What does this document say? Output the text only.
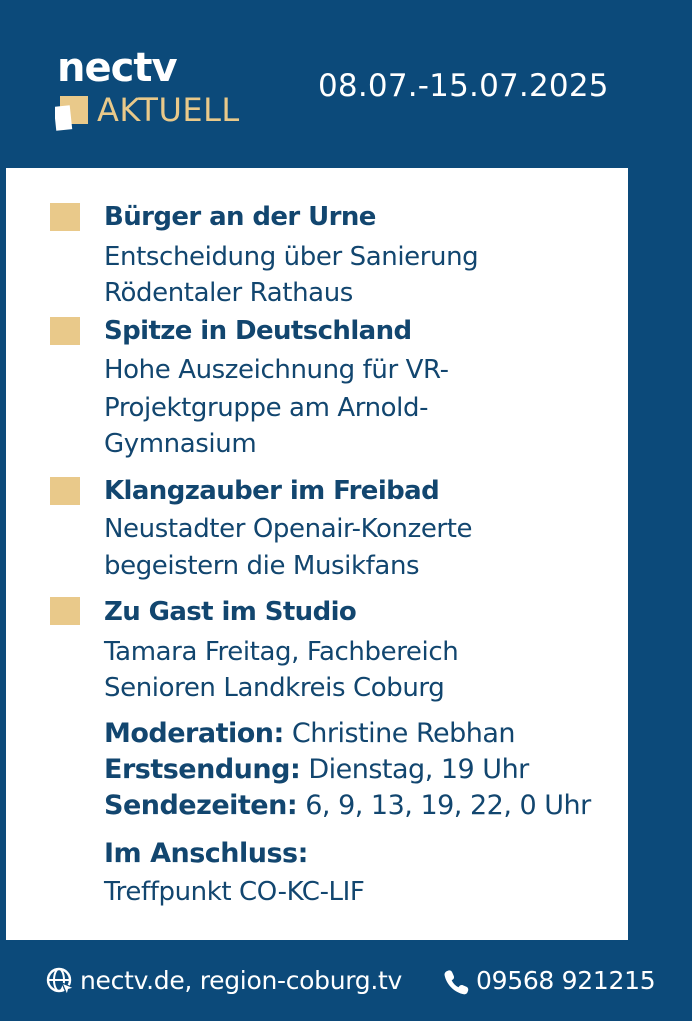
nectv
AKTUELL
08.07.-15.07.2025
Bürger an der Urne
Entscheidung über Sanierung
Rödentaler Rathaus
Spitze in Deutschland
Hohe Auszeichnung für VR-
Projektgruppe am Arnold-
Gymnasium
Klangzauber im Freibad
Neustadter Openair-Konzerte
begeistern die Musikfans
Zu Gast im Studio
Tamara Freitag, Fachbereich
Senioren Landkreis Coburg
Moderation: Christine Rebhan
Erstsendung: Dienstag, 19 Uhr
Sendezeiten: 6, 9, 13, 19, 22, 0 Uhr
Im Anschluss:
Treffpunkt CO-KC-LIF
nectv.de, region-coburg.tv	09568 921215
